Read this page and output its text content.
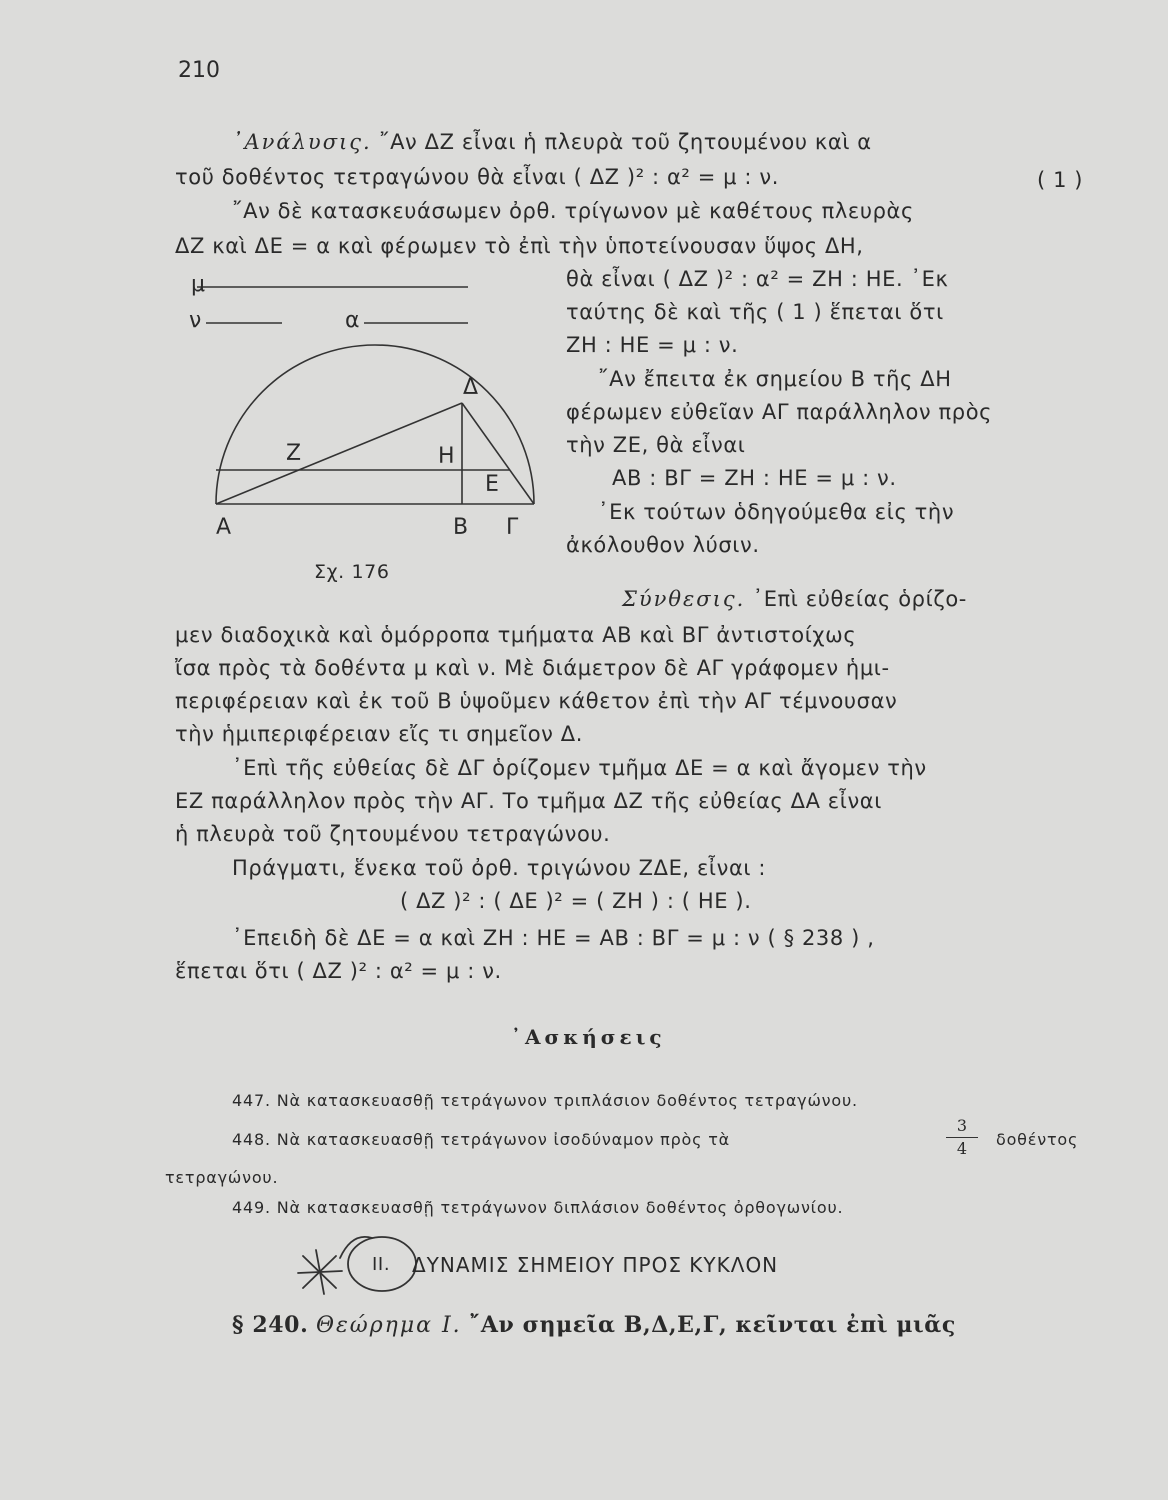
210
᾿Ανάλυσις. ῎Αν ΔΖ εἶναι ἡ πλευρὰ τοῦ ζητουμένου καὶ α
τοῦ δοθέντος τετραγώνου θὰ εἶναι ( ΔΖ )² : α² = μ : ν.	( 1 )
῎Αν δὲ κατασκευάσωμεν ὀρθ. τρίγωνον μὲ καθέτους πλευρὰς
ΔΖ καὶ ΔΕ = α καὶ φέρωμεν τὸ ἐπὶ τὴν ὑποτείνουσαν ὕψος ΔΗ,
θὰ εἶναι ( ΔΖ )² : α² = ΖΗ : ΗΕ. ᾿Εκ
ταύτης δὲ καὶ τῆς ( 1 ) ἕπεται ὅτι
ΖΗ : ΗΕ = μ : ν.
῎Αν ἔπειτα ἐκ σημείου Β τῆς ΔΗ
φέρωμεν εὐθεῖαν ΑΓ παράλληλον πρὸς
τὴν ΖΕ, θὰ εἶναι
ΑΒ : ΒΓ = ΖΗ : ΗΕ = μ : ν.
᾿Εκ τούτων ὁδηγούμεθα εἰς τὴν
ἀκόλουθον λύσιν.
μ
ν	α
Δ
Ζ	Η
Ε
Α	Β Γ
Σχ. 176
Σύνθεσις. ᾿Επὶ εὐθείας ὁρίζο-
μεν διαδοχικὰ καὶ ὁμόρροπα τμήματα ΑΒ καὶ ΒΓ ἀντιστοίχως
ἴσα πρὸς τὰ δοθέντα μ καὶ ν. Μὲ διάμετρον δὲ ΑΓ γράφομεν ἡμι-
περιφέρειαν καὶ ἐκ τοῦ Β ὑψοῦμεν κάθετον ἐπὶ τὴν ΑΓ τέμνουσαν
τὴν ἡμιπεριφέρειαν εἴς τι σημεῖον Δ.
᾿Επὶ τῆς εὐθείας δὲ ΔΓ ὁρίζομεν τμῆμα ΔΕ = α καὶ ἄγομεν τὴν
ΕΖ παράλληλον πρὸς τὴν ΑΓ. Το τμῆμα ΔΖ τῆς εὐθείας ΔΑ εἶναι
ἡ πλευρὰ τοῦ ζητουμένου τετραγώνου.
Πράγματι, ἕνεκα τοῦ ὀρθ. τριγώνου ΖΔΕ, εἶναι :
( ΔΖ )² : ( ΔΕ )² = ( ΖΗ ) : ( ΗΕ ).
᾿Επειδὴ δὲ ΔΕ = α καὶ ΖΗ : ΗΕ = ΑΒ : ΒΓ = μ : ν ( § 238 ) ,
ἕπεται ὅτι ( ΔΖ )² : α² = μ : ν.
᾿Ασκήσεις
447. Νὰ κατασκευασθῇ τετράγωνον τριπλάσιον δοθέντος τετραγώνου.
448. Νὰ κατασκευασθῇ τετράγωνον ἰσοδύναμον πρὸς τὰ
3
4	δοθέντος
τετραγώνου.
449. Νὰ κατασκευασθῇ τετράγωνον διπλάσιον δοθέντος ὀρθογωνίου.
ΙΙ. ΔΥΝΑΜΙΣ ΣΗΜΕΙΟΥ ΠΡΟΣ ΚΥΚΛΟΝ
§ 240. Θεώρημα Ι. ῎Αν σημεῖα Β,Δ,Ε,Γ, κεῖνται ἐπὶ μιᾶς
